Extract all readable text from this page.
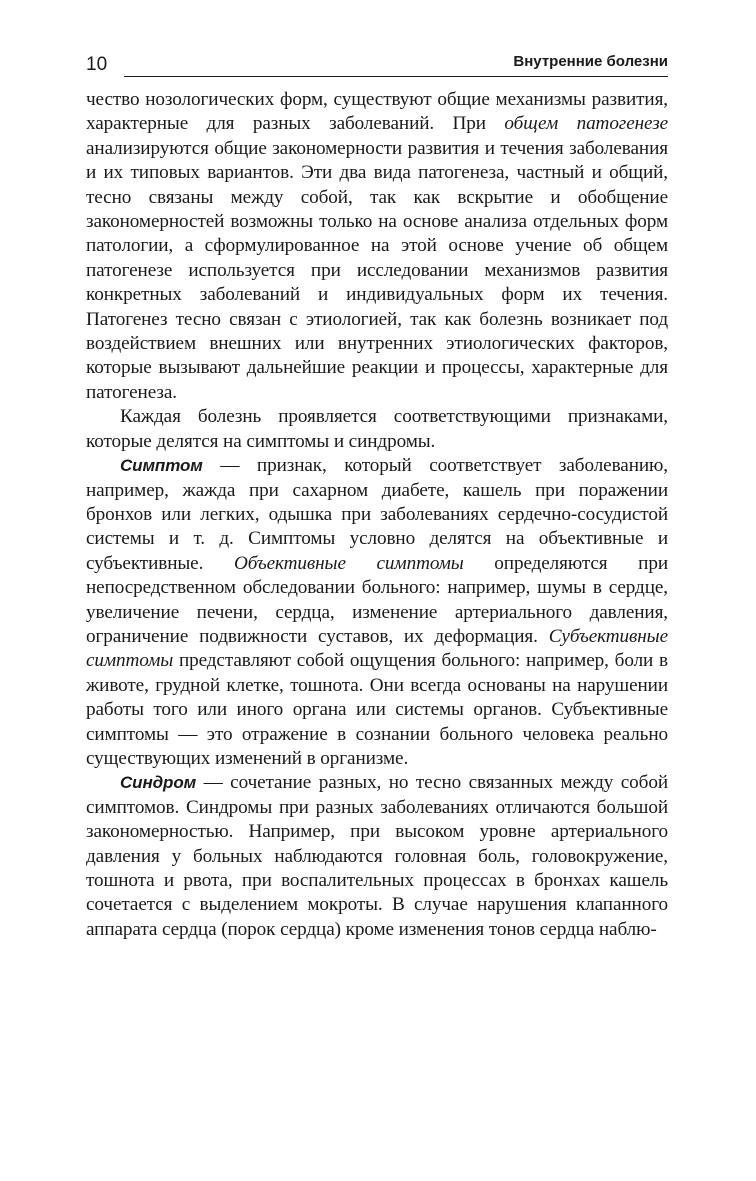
10	Внутренние болезни

чество нозологических форм, существуют общие механизмы развития, характерные для разных заболеваний. При общем патогенезе анализируются общие закономерности развития и течения заболевания и их типовых вариантов. Эти два вида патогенеза, частный и общий, тесно связаны между собой, так как вскрытие и обобщение закономерностей возможны только на основе анализа отдельных форм патологии, а сформулированное на этой основе учение об общем патогенезе используется при исследовании механизмов развития конкретных заболеваний и индивидуальных форм их течения. Патогенез тесно связан с этиологией, так как болезнь возникает под воздействием внешних или внутренних этиологических факторов, которые вызывают дальнейшие реакции и процессы, характерные для патогенеза.

Каждая болезнь проявляется соответствующими признаками, которые делятся на симптомы и синдромы.

Симптом — признак, который соответствует заболеванию, например, жажда при сахарном диабете, кашель при поражении бронхов или легких, одышка при заболеваниях сердечно-сосудистой системы и т. д. Симптомы условно делятся на объективные и субъективные. Объективные симптомы определяются при непосредственном обследовании больного: например, шумы в сердце, увеличение печени, сердца, изменение артериального давления, ограничение подвижности суставов, их деформация. Субъективные симптомы представляют собой ощущения больного: например, боли в животе, грудной клетке, тошнота. Они всегда основаны на нарушении работы того или иного органа или системы органов. Субъективные симптомы — это отражение в сознании больного человека реально существующих изменений в организме.

Синдром — сочетание разных, но тесно связанных между собой симптомов. Синдромы при разных заболеваниях отличаются большой закономерностью. Например, при высоком уровне артериального давления у больных наблюдаются головная боль, головокружение, тошнота и рвота, при воспалительных процессах в бронхах кашель сочетается с выделением мокроты. В случае нарушения клапанного аппарата сердца (порок сердца) кроме изменения тонов сердца наблю-
